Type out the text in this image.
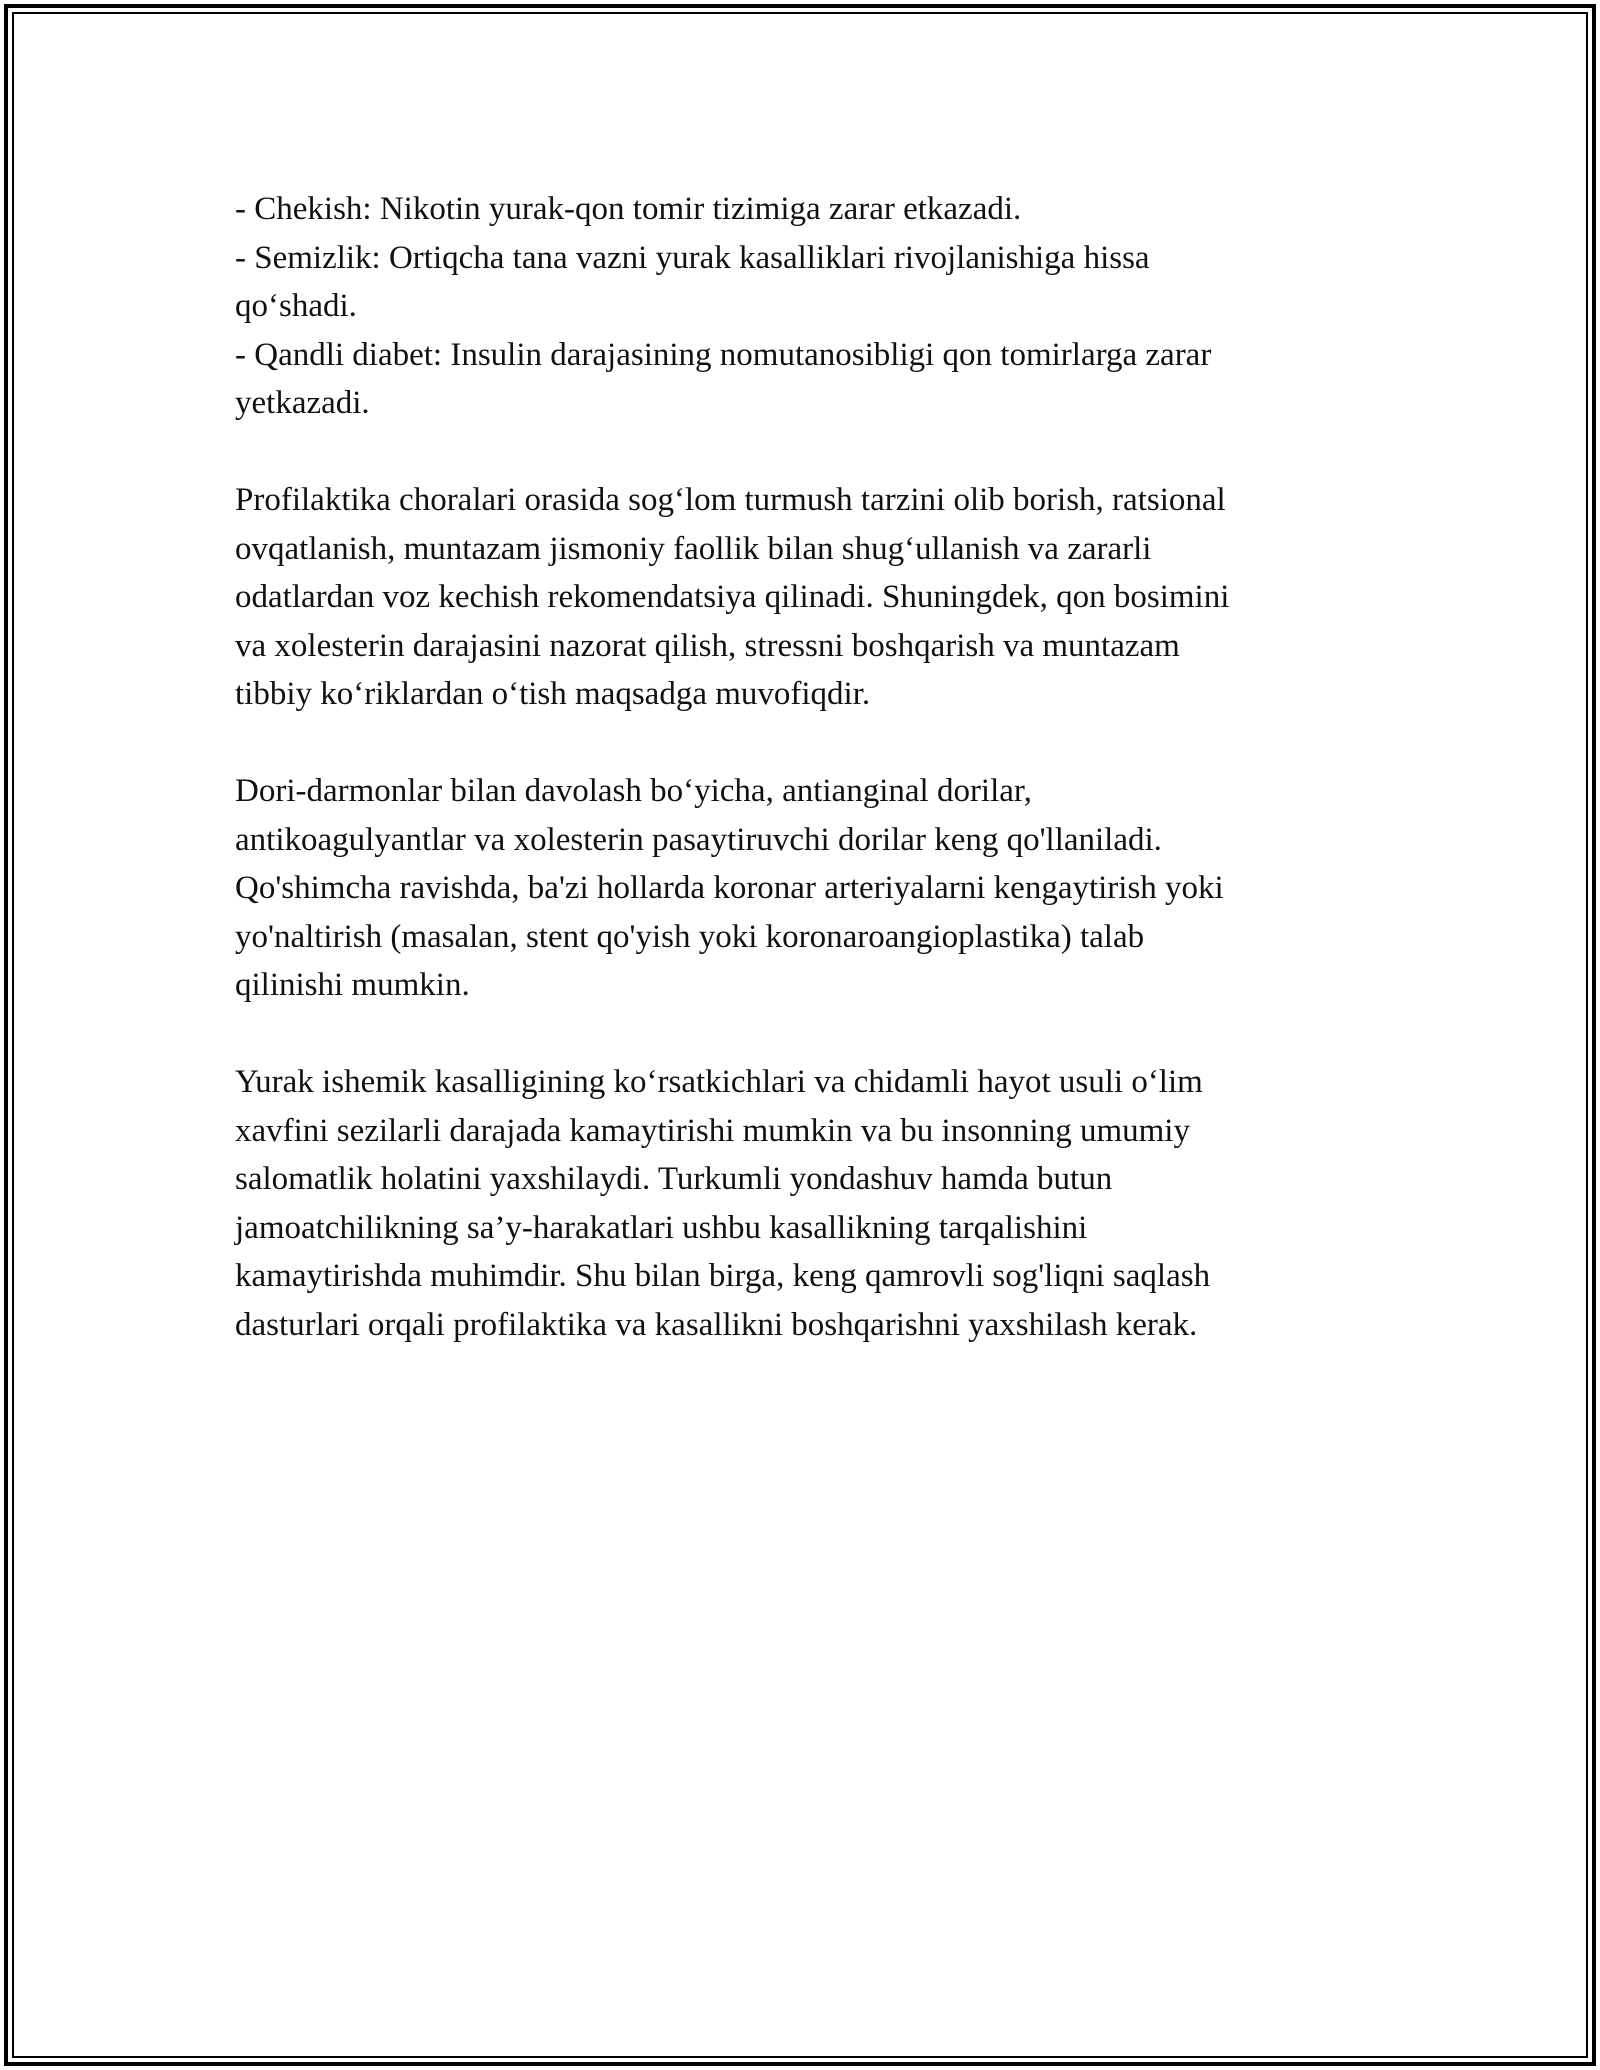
- Chekish: Nikotin yurak-qon tomir tizimiga zarar etkazadi.
- Semizlik: Ortiqcha tana vazni yurak kasalliklari rivojlanishiga hissa
qo‘shadi.
- Qandli diabet: Insulin darajasining nomutanosibligi qon tomirlarga zarar
yetkazadi.
Profilaktika choralari orasida sog‘lom turmush tarzini olib borish, ratsional
ovqatlanish, muntazam jismoniy faollik bilan shug‘ullanish va zararli
odatlardan voz kechish rekomendatsiya qilinadi. Shuningdek, qon bosimini
va xolesterin darajasini nazorat qilish, stressni boshqarish va muntazam
tibbiy ko‘riklardan o‘tish maqsadga muvofiqdir.
Dori-darmonlar bilan davolash bo‘yicha, antianginal dorilar,
antikoagulyantlar va xolesterin pasaytiruvchi dorilar keng qo'llaniladi.
Qo'shimcha ravishda, ba'zi hollarda koronar arteriyalarni kengaytirish yoki
yo'naltirish (masalan, stent qo'yish yoki koronaroangioplastika) talab
qilinishi mumkin.
Yurak ishemik kasalligining ko‘rsatkichlari va chidamli hayot usuli o‘lim
xavfini sezilarli darajada kamaytirishi mumkin va bu insonning umumiy
salomatlik holatini yaxshilaydi. Turkumli yondashuv hamda butun
jamoatchilikning sa’y-harakatlari ushbu kasallikning tarqalishini
kamaytirishda muhimdir. Shu bilan birga, keng qamrovli sog'liqni saqlash
dasturlari orqali profilaktika va kasallikni boshqarishni yaxshilash kerak.
